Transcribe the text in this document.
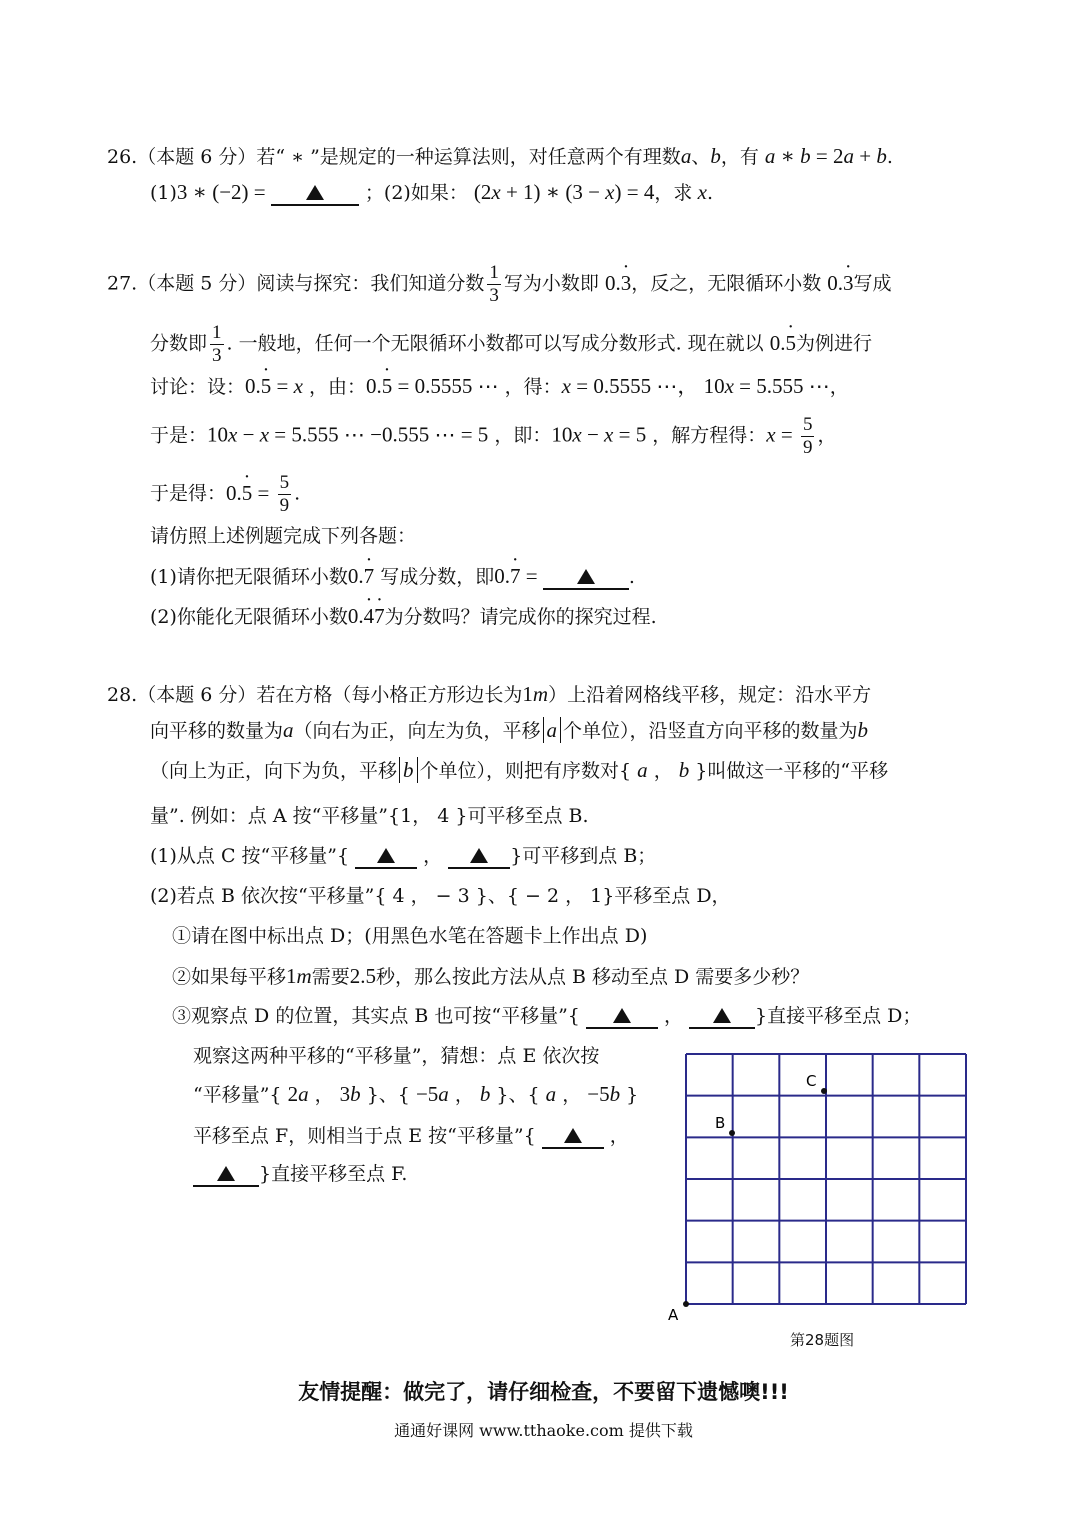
26.（本题 6 分）若“ ∗ ”是规定的一种运算法则，对任意两个有理数a、b，有 a ∗ b = 2a + b.
(1)3 ∗ (−2) =	；(2)如果： (2x + 1) ∗ (3 − x) = 4，求 x.
27.（本题 5 分）阅读与探究：我们知道分数 $\frac{1}{3}$ 写为小数即 0.· 3，反之，无限循环小数 0.· 3写成
分数即 $\frac{1}{3}$ . 一般地，任何一个无限循环小数都可以写成分数形式. 现在就以 0.· 5为例进行
讨论：设：0.· 5 = x ，由：0.· 5 = 0.5555 ⋯ ，得：x = 0.5555 ⋯， 10x = 5.555 ⋯，
于是：10x − x = 5.555 ⋯ −0.555 ⋯ = 5 ，即：10x − x = 5 ，解方程得：$x = \frac{5}{9}$ ，
于是得：$0.\cdot 5 = \frac{5}{9}$ .
请仿照上述例题完成下列各题：
(1)请你把无限循环小数0.· 7 写成分数，即0.· 7 =	.
(2)你能化无限循环小数0.· 4· 7为分数吗？请完成你的探究过程.
28.（本题 6 分）若在方格（每小格正方形边长为1m）上沿着网格线平移，规定：沿水平方
向平移的数量为a（向右为正，向左为负，平移 a 个单位），沿竖直方向平移的数量为b
（向上为正，向下为负，平移 b 个单位），则把有序数对{ a ， b }叫做这一平移的“平移
量”. 例如：点 A 按“平移量”{1， 4 }可平移至点 B.
(1)从点 C 按“平移量”{	，	}可平移到点 B；
(2)若点 B 依次按“平移量”{ 4 ， − 3 }、{ − 2 ， 1}平移至点 D，
①请在图中标出点 D；(用黑色水笔在答题卡上作出点 D)
②如果每平移1m需要2.5秒，那么按此方法从点 B 移动至点 D 需要多少秒？
③观察点 D 的位置，其实点 B 也可按“平移量”{	，	}直接平移至点 D；
观察这两种平移的“平移量”，猜想：点 E 依次按
“平移量”{ 2a ， 3b }、{ −5a ， b }、{ a ， −5b }
平移至点 F，则相当于点 E 按“平移量”{	，
}直接平移至点 F.
A
B
C
第28题图
友情提醒：做完了，请仔细检查，不要留下遗憾噢!!!
通通好课网 www.tthaoke.com 提供下载
